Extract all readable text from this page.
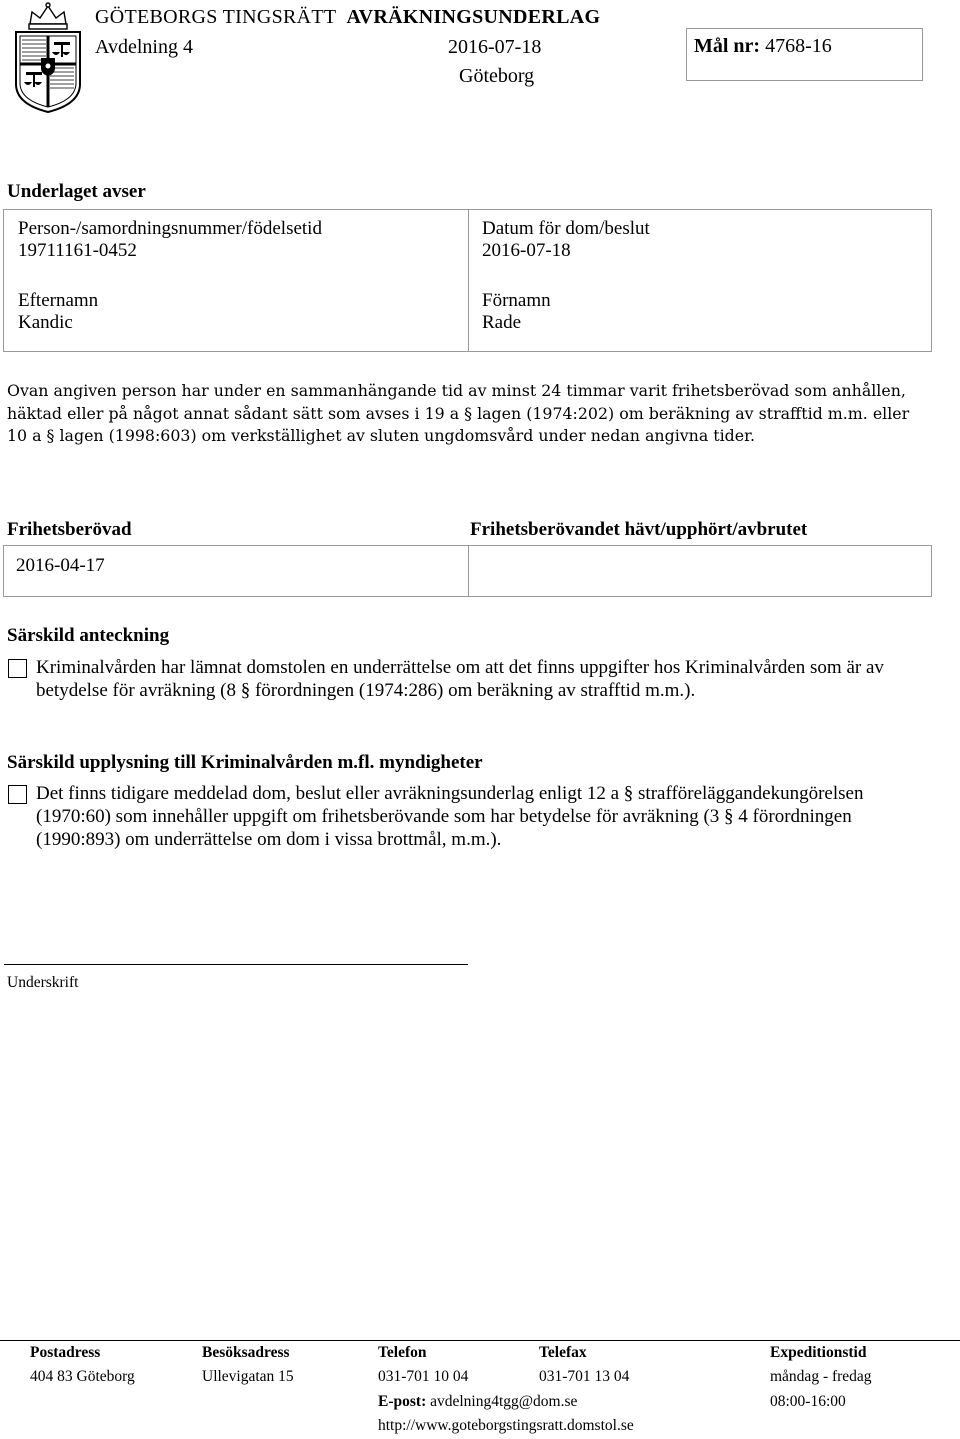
GÖTEBORGS TINGSRÄTT AVRÄKNINGSUNDERLAG
Avdelning 4	2016-07-18
Göteborg
Mål nr: 4768-16
Underlaget avser
Person-/samordningsnummer/födelsetid
19711161-0452
Datum för dom/beslut
2016-07-18
Efternamn
Kandic
Förnamn
Rade
Ovan angiven person har under en sammanhängande tid av minst 24 timmar varit frihetsberövad som anhållen, häktad eller på något annat sådant sätt som avses i 19 a § lagen (1974:202) om beräkning av strafftid m.m. eller 10 a § lagen (1998:603) om verkställighet av sluten ungdomsvård under nedan angivna tider.
Frihetsberövad	Frihetsberövandet hävt/upphört/avbrutet
2016-04-17
Särskild anteckning
Kriminalvården har lämnat domstolen en underrättelse om att det finns uppgifter hos Kriminalvården som är av betydelse för avräkning (8 § förordningen (1974:286) om beräkning av strafftid m.m.).
Särskild upplysning till Kriminalvården m.fl. myndigheter
Det finns tidigare meddelad dom, beslut eller avräkningsunderlag enligt 12 a § strafföreläggandekungörelsen (1970:60) som innehåller uppgift om frihetsberövande som har betydelse för avräkning (3 § 4 förordningen (1990:893) om underrättelse om dom i vissa brottmål, m.m.).
Underskrift
Postadress
404 83 Göteborg
Besöksadress
Ullevigatan 15
Telefon
031-701 10 04
Telefax
031-701 13 04
E-post: avdelning4tgg@dom.se
http://www.goteborgstingsratt.domstol.se
Expeditionstid
måndag - fredag
08:00-16:00
